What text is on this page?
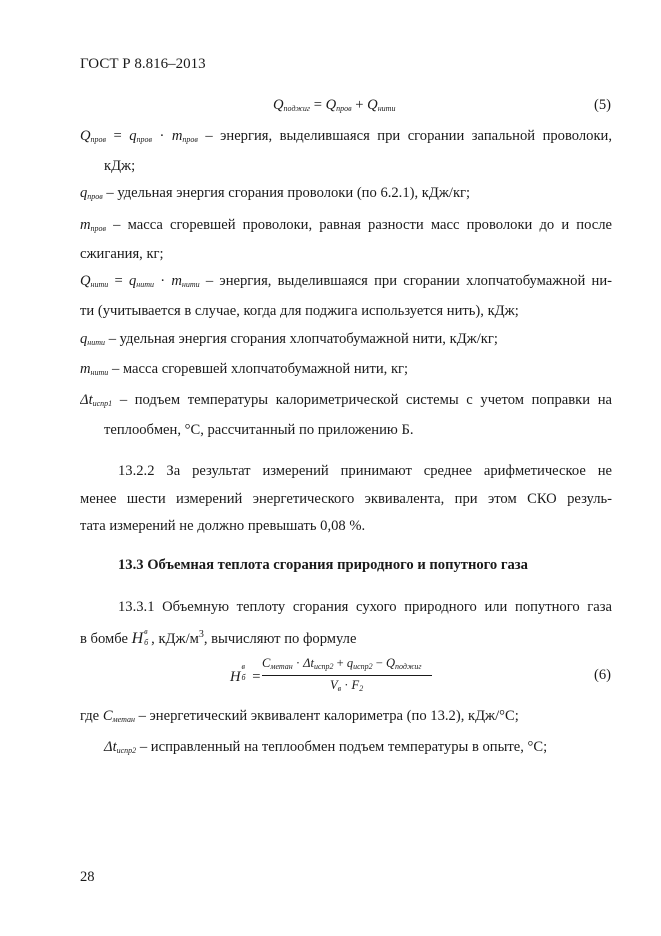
ГОСТ Р 8.816–2013
$Q_{поджиг} = Q_{пров} + Q_{нити}$	(5)
$Q_{пров} = q_{пров} \cdot m_{пров}$ – энергия, выделившаяся при сгорании запальной проволоки,
кДж;
$q_{пров}$ – удельная энергия сгорания проволоки (по 6.2.1), кДж/кг;
$m_{пров}$ – масса сгоревшей проволоки, равная разности масс проволоки до и после
сжигания, кг;
$Q_{нити} = q_{нити} \cdot m_{нити}$ – энергия, выделившаяся при сгорании хлопчатобумажной ни-
ти (учитывается в случае, когда для поджига используется нить), кДж;
$q_{нити}$ – удельная энергия сгорания хлопчатобумажной нити, кДж/кг;
$m_{нити}$ – масса сгоревшей хлопчатобумажной нити, кг;
$\Delta t_{испр1}$ – подъем температуры калориметрической системы с учетом поправки на
теплообмен, °С, рассчитанный по приложению Б.
13.2.2 За результат измерений принимают среднее арифметическое не
менее шести измерений энергетического эквивалента, при этом СКО резуль-
тата измерений не должно превышать 0,08 %.
13.3 Объемная теплота сгорания природного и попутного газа
13.3.1 Объемную теплоту сгорания сухого природного или попутного газа
в бомбе H в
б , кДж/$м^3$, вычисляют по формуле
H
в
б =
$C_{метан} \cdot \Delta t_{испр2} + q_{испр2} - Q_{поджиг}$
$V_в \cdot F_2$
(6)
где $C_{метан}$ – энергетический эквивалент калориметра (по 13.2), кДж/°С;
$\Delta t_{испр2}$ – исправленный на теплообмен подъем температуры в опыте, °С;
28
